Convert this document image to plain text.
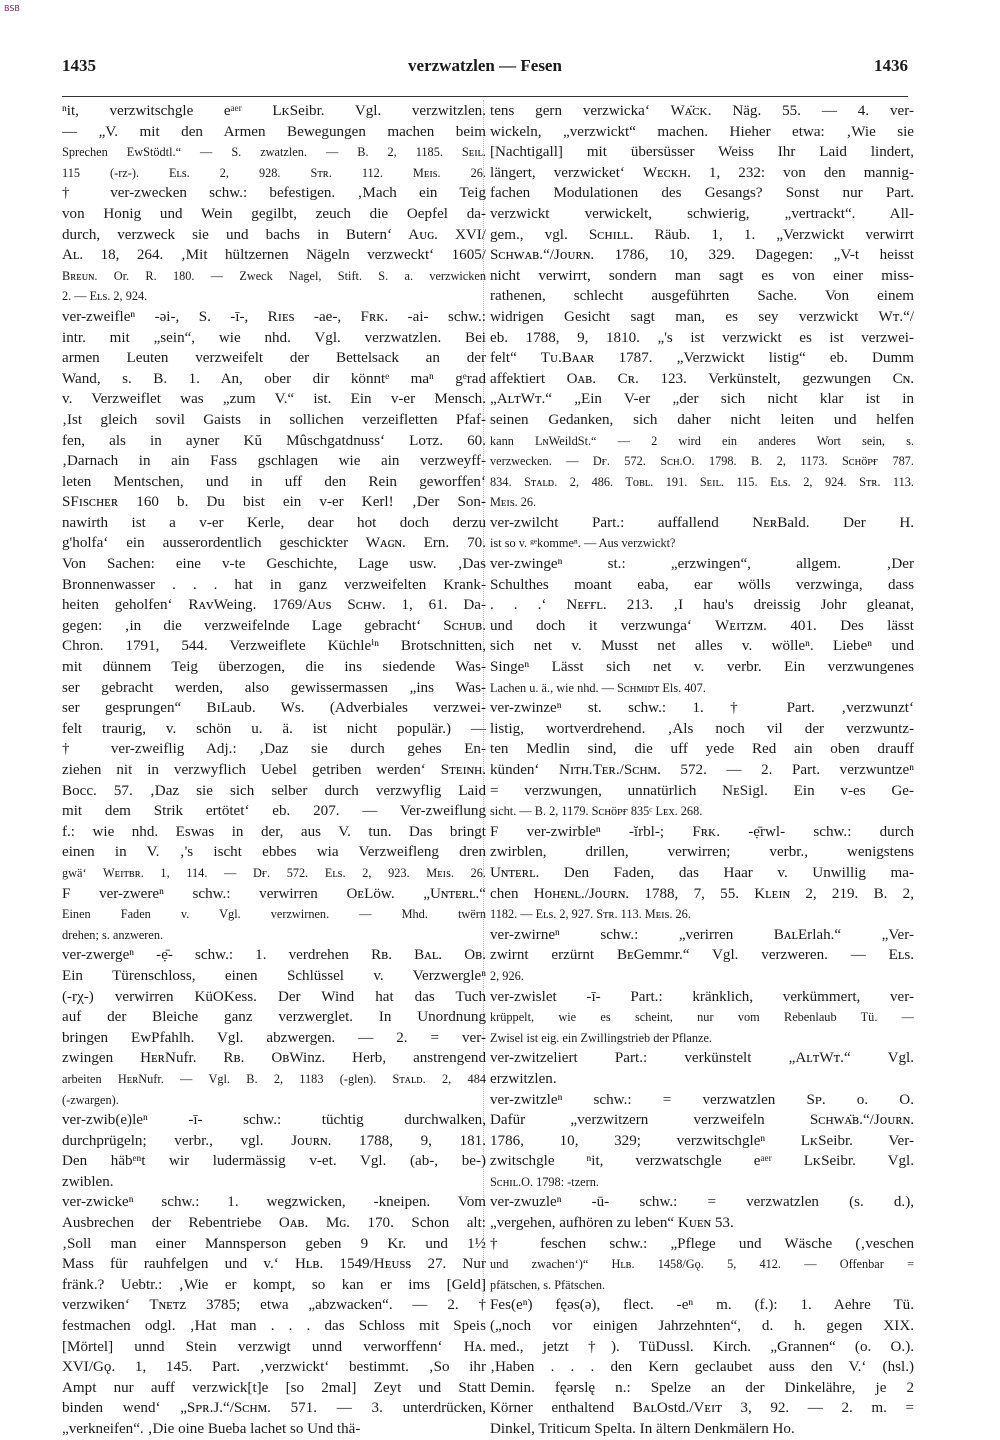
BSB
1435	verzwatzlen — Fesen	1436
ⁿit, verzwitschgle eᵃᵉʳ LᴋSeibr. Vgl. verzwitzlen.
— „V. mit den Armen Bewegungen machen beim
Sprechen EwStödtl.“ — S. zwatzlen. — B. 2, 1185. Sᴇɪʟ.
115 (-rz-). Eʟs. 2, 928. Sᴛʀ. 112. Mᴇɪs. 26.
† ver-zwecken schw.: befestigen. ‚Mach ein Teig
von Honig und Wein gegilbt, zeuch die Oepfel da-
durch, verzweck sie und bachs in Butern‘ Aᴜɢ. XVI/
Aʟ. 18, 264. ‚Mit hültzernen Nägeln verzweckt‘ 1605/
Bʀᴇᴜɴ. Or. R. 180. — Zweck Nagel, Stift. S. a. verzwicken
2. — Eʟs. 2, 924.
ver-zweifleⁿ -əi-, S. -ī-, Rɪᴇs -ae-, Fʀᴋ. -ai- schw.:
intr. mit „sein“, wie nhd. Vgl. verzwatzlen. Bei
armen Leuten verzweifelt der Bettelsack an der
Wand, s. B. 1. An, ober dir könntᵉ maⁿ gᵉrad
v. Verzweiflet was „zum V.“ ist. Ein v-er Mensch.
‚Ist gleich sovil Gaists in sollichen verzeifletten Pfaf-
fen, als in ayner Kŭ Mûschgatdnuss‘ Lᴏᴛᴢ. 60.
‚Darnach in ain Fass gschlagen wie ain verzweyff-
leten Mentschen, und in uff den Rein geworffen‘
SFɪsᴄʜᴇʀ 160 b. Du bist ein v-er Kerl! ‚Der Son-
nawirth ist a v-er Kerle, dear hot doch derzu
g'holfa‘ ein ausserordentlich geschickter Wᴀɢɴ. Ern. 70.
Von Sachen: eine v-te Geschichte, Lage usw. ‚Das
Bronnenwasser . . . hat in ganz verzweifelten Krank-
heiten geholfen‘ RᴀᴠWeing. 1769/Aᴜs Sᴄʜᴡ. 1, 61. Da-
gegen: ‚in die verzweifelnde Lage gebracht‘ Sᴄʜᴜʙ.
Chron. 1791, 544. Verzweiflete Küchleⁱⁿ Brotschnitten,
mit dünnem Teig überzogen, die ins siedende Was-
ser gebracht werden, also gewissermassen „ins Was-
ser gesprungen“ BɪLaub. Ws. (Adverbiales verzwei-
felt traurig, v. schön u. ä. ist nicht populär.) —
† ver-zweiflig Adj.: ‚Daz sie durch gehes En-
ziehen nit in verzwyflich Uebel getriben werden‘ Sᴛᴇɪɴʜ.
Bocc. 57. ‚Daz sie sich selber durch verzwyflig Laid
mit dem Strik ertötet‘ eb. 207. — Ver-zweiflung
f.: wie nhd. Eswas in der, aus V. tun. Das bringt
einen in V. ‚'s ischt ebbes wia Verzweifleng dren
gwä‘ Wᴇɪᴛʙʀ. 1, 114. — Dғ. 572. Eʟs. 2, 923. Mᴇɪs. 26.
F ver-zwereⁿ schw.: verwirren OᴇLöw. „Uɴᴛᴇʀʟ.“
Einen Faden v. Vgl. verzwirnen. — Mhd. twërn
drehen; s. anzweren.
ver-zwergeⁿ -ẹ̄- schw.: 1. verdrehen Rʙ. Bᴀʟ. Oʙ.
Ein Türenschloss, einen Schlüssel v. Verzwergleⁿ
(-rχ-) verwirren KüOKess. Der Wind hat das Tuch
auf der Bleiche ganz verzwerglet. In Unordnung
bringen EwPfahlh. Vgl. abzwergen. — 2. = ver-
zwingen HᴇʀNufr. Rʙ. OʙWinz. Herb, anstrengend
arbeiten HᴇʀNufr. — Vgl. B. 2, 1183 (-glen). Sᴛᴀʟᴅ. 2, 484
(-zwargen).
ver-zwib(e)leⁿ -ī- schw.: tüchtig durchwalken,
durchprügeln; verbr., vgl. Jᴏᴜʀɴ. 1788, 9, 181.
Den häbᵉⁿt wir ludermässig v-et. Vgl. (ab-, be-)
zwiblen.
ver-zwickeⁿ schw.: 1. wegzwicken, -kneipen. Vom
Ausbrechen der Rebentriebe Oᴀʙ. Mɢ. 170. Schon alt:
‚Soll man einer Mannsperson geben 9 Kr. und 1½
Mass für rauhfelgen und v.‘ Hʟʙ. 1549/Hᴇᴜss 27. Nur
fränk.? Uebtr.: ‚Wie er kompt, so kan er ims [Geld]
verzwiken‘ Tɴᴇᴛᴢ 3785; etwa „abzwacken“. — 2. †
festmachen odgl. ‚Hat man . . . das Schloss mit Speis
[Mörtel] unnd Stein verzwigt unnd verworffenn‘ Hᴀ.
XVI/Gǫ. 1, 145. Part. ‚verzwickt‘ bestimmt. ‚So ihr
Ampt nur auff verzwick[t]e [so 2mal] Zeyt und Statt
binden wend‘ „Sᴘʀ.J.“/Sᴄʜᴍ. 571. — 3. unterdrücken,
„verkneifen“. ‚Die oine Bueba lachet so Und thä-
tens gern verzwicka‘ Wᴀ̈ᴄᴋ. Näg. 55. — 4. ver-
wickeln, „verzwickt“ machen. Hieher etwa: ‚Wie sie
[Nachtigall] mit übersüsser Weiss Ihr Laid lindert,
längert, verzwicket‘ Wᴇᴄᴋʜ. 1, 232: von den mannig-
fachen Modulationen des Gesangs? Sonst nur Part.
verzwickt verwickelt, schwierig, „vertrackt“. All-
gem., vgl. Sᴄʜɪʟʟ. Räub. 1, 1. „Verzwickt verwirrt
Sᴄʜᴡᴀʙ.“/Jᴏᴜʀɴ. 1786, 10, 329. Dagegen: „V-t heisst
nicht verwirrt, sondern man sagt es von einer miss-
rathenen, schlecht ausgeführten Sache. Von einem
widrigen Gesicht sagt man, es sey verzwickt Wᴛ.“/
eb. 1788, 9, 1810. „'s ist verzwickt es ist verzwei-
felt“ Tᴜ.Bᴀᴀʀ 1787. „Verzwickt listig“ eb. Dumm
affektiert Oᴀʙ. Cʀ. 123. Verkünstelt, gezwungen Cɴ.
„AʟᴛWᴛ.“ „Ein V-er „der sich nicht klar ist in
seinen Gedanken, sich daher nicht leiten und helfen
kann LɴWeildSt.“ — 2 wird ein anderes Wort sein, s.
verzwecken. — Dғ. 572. Sᴄʜ.O. 1798. B. 2, 1173. Sᴄʜöᴘғ 787.
834. Sᴛᴀʟᴅ. 2, 486. Tᴏʙʟ. 191. Sᴇɪʟ. 115. Eʟs. 2, 924. Sᴛʀ. 113.
Mᴇɪs. 26.
ver-zwilcht Part.: auffallend NᴇʀBald. Der H.
ist so v. ᵍᵉkommeⁿ. — Aus verzwickt?
ver-zwingeⁿ st.: „erzwingen“, allgem. ‚Der
Schulthes moant eaba, ear wölls verzwinga, dass
. . .‘ Nᴇғғʟ. 213. ‚I hau's dreissig Johr gleanat,
und doch it verzwunga‘ Wᴇɪᴛᴢᴍ. 401. Des lässt
sich net v. Musst net alles v. wölleⁿ. Liebeⁿ und
Singeⁿ Lässt sich net v. verbr. Ein verzwungenes
Lachen u. ä., wie nhd. — Sᴄʜᴍɪᴅᴛ Els. 407.
ver-zwinzeⁿ st. schw.: 1. † Part. ‚verzwunzt‘
listig, wortverdrehend. ‚Als noch vil der verzwuntz-
ten Medlin sind, die uff yede Red ain oben drauff
künden‘ Nɪᴛʜ.Tᴇʀ./Sᴄʜᴍ. 572. — 2. Part. verzwuntzeⁿ
= verzwungen, unnatürlich NᴇSigl. Ein v-es Ge-
sicht. — B. 2, 1179. Sᴄʜöᴘғ 835ᶜ Lᴇx. 268.
F ver-zwirbleⁿ -ĭrbl-; Fʀᴋ. -ẹ̄rwl- schw.: durch
zwirblen, drillen, verwirren; verbr., wenigstens
Uɴᴛᴇʀʟ. Den Faden, das Haar v. Unwillig ma-
chen Hᴏʜᴇɴʟ./Jᴏᴜʀɴ. 1788, 7, 55. Kʟᴇɪɴ 2, 219. B. 2,
1182. — Eʟs. 2, 927. Sᴛʀ. 113. Mᴇɪs. 26.
ver-zwirneⁿ schw.: „verirren BᴀʟErlah.“ „Ver-
zwirnt erzürnt BᴇGemmr.“ Vgl. verzweren. — Eʟs.
2, 926.
ver-zwislet -ī- Part.: kränklich, verkümmert, ver-
krüppelt, wie es scheint, nur vom Rebenlaub Tü. —
Zwisel ist eig. ein Zwillingstrieb der Pflanze.
ver-zwitzeliert Part.: verkünstelt „AʟᴛWᴛ.“ Vgl.
erzwitzlen.
ver-zwitzleⁿ schw.: = verzwatzlen Sᴘ. o. O.
Dafür „verzwitzern verzweifeln Sᴄʜᴡᴀ̈ʙ.“/Jᴏᴜʀɴ.
1786, 10, 329; verzwitschgleⁿ LᴋSeibr. Ver-
zwitschgle ⁿit, verzwatschgle eᵃᵉʳ LᴋSeibr. Vgl.
Sᴄʜɪʟ.O. 1798: -tzern.
ver-zwuzleⁿ -ū- schw.: = verzwatzlen (s. d.),
„vergehen, aufhören zu leben“ Kᴜᴇɴ 53.
† feschen schw.: „Pflege und Wäsche (‚veschen
und zwachen‘)“ Hʟʙ. 1458/Gǫ. 5, 412. — Offenbar =
pfätschen, s. Pfätschen.
Fes(eⁿ) fęəs(ə), flect. -eⁿ m. (f.): 1. Aehre Tü.
(„noch vor einigen Jahrzehnten“, d. h. gegen XIX.
med., jetzt †). TüDussl. Kirch. „Grannen“ (o. O.).
‚Haben . . . den Kern geclaubet auss den V.‘ (hsl.)
Demin. fęərslę n.: Spelze an der Dinkelähre, je 2
Körner enthaltend BᴀʟOstd./Vᴇɪᴛ 3, 92. — 2. m. =
Dinkel, Triticum Spelta. In ältern Denkmälern Ho.
